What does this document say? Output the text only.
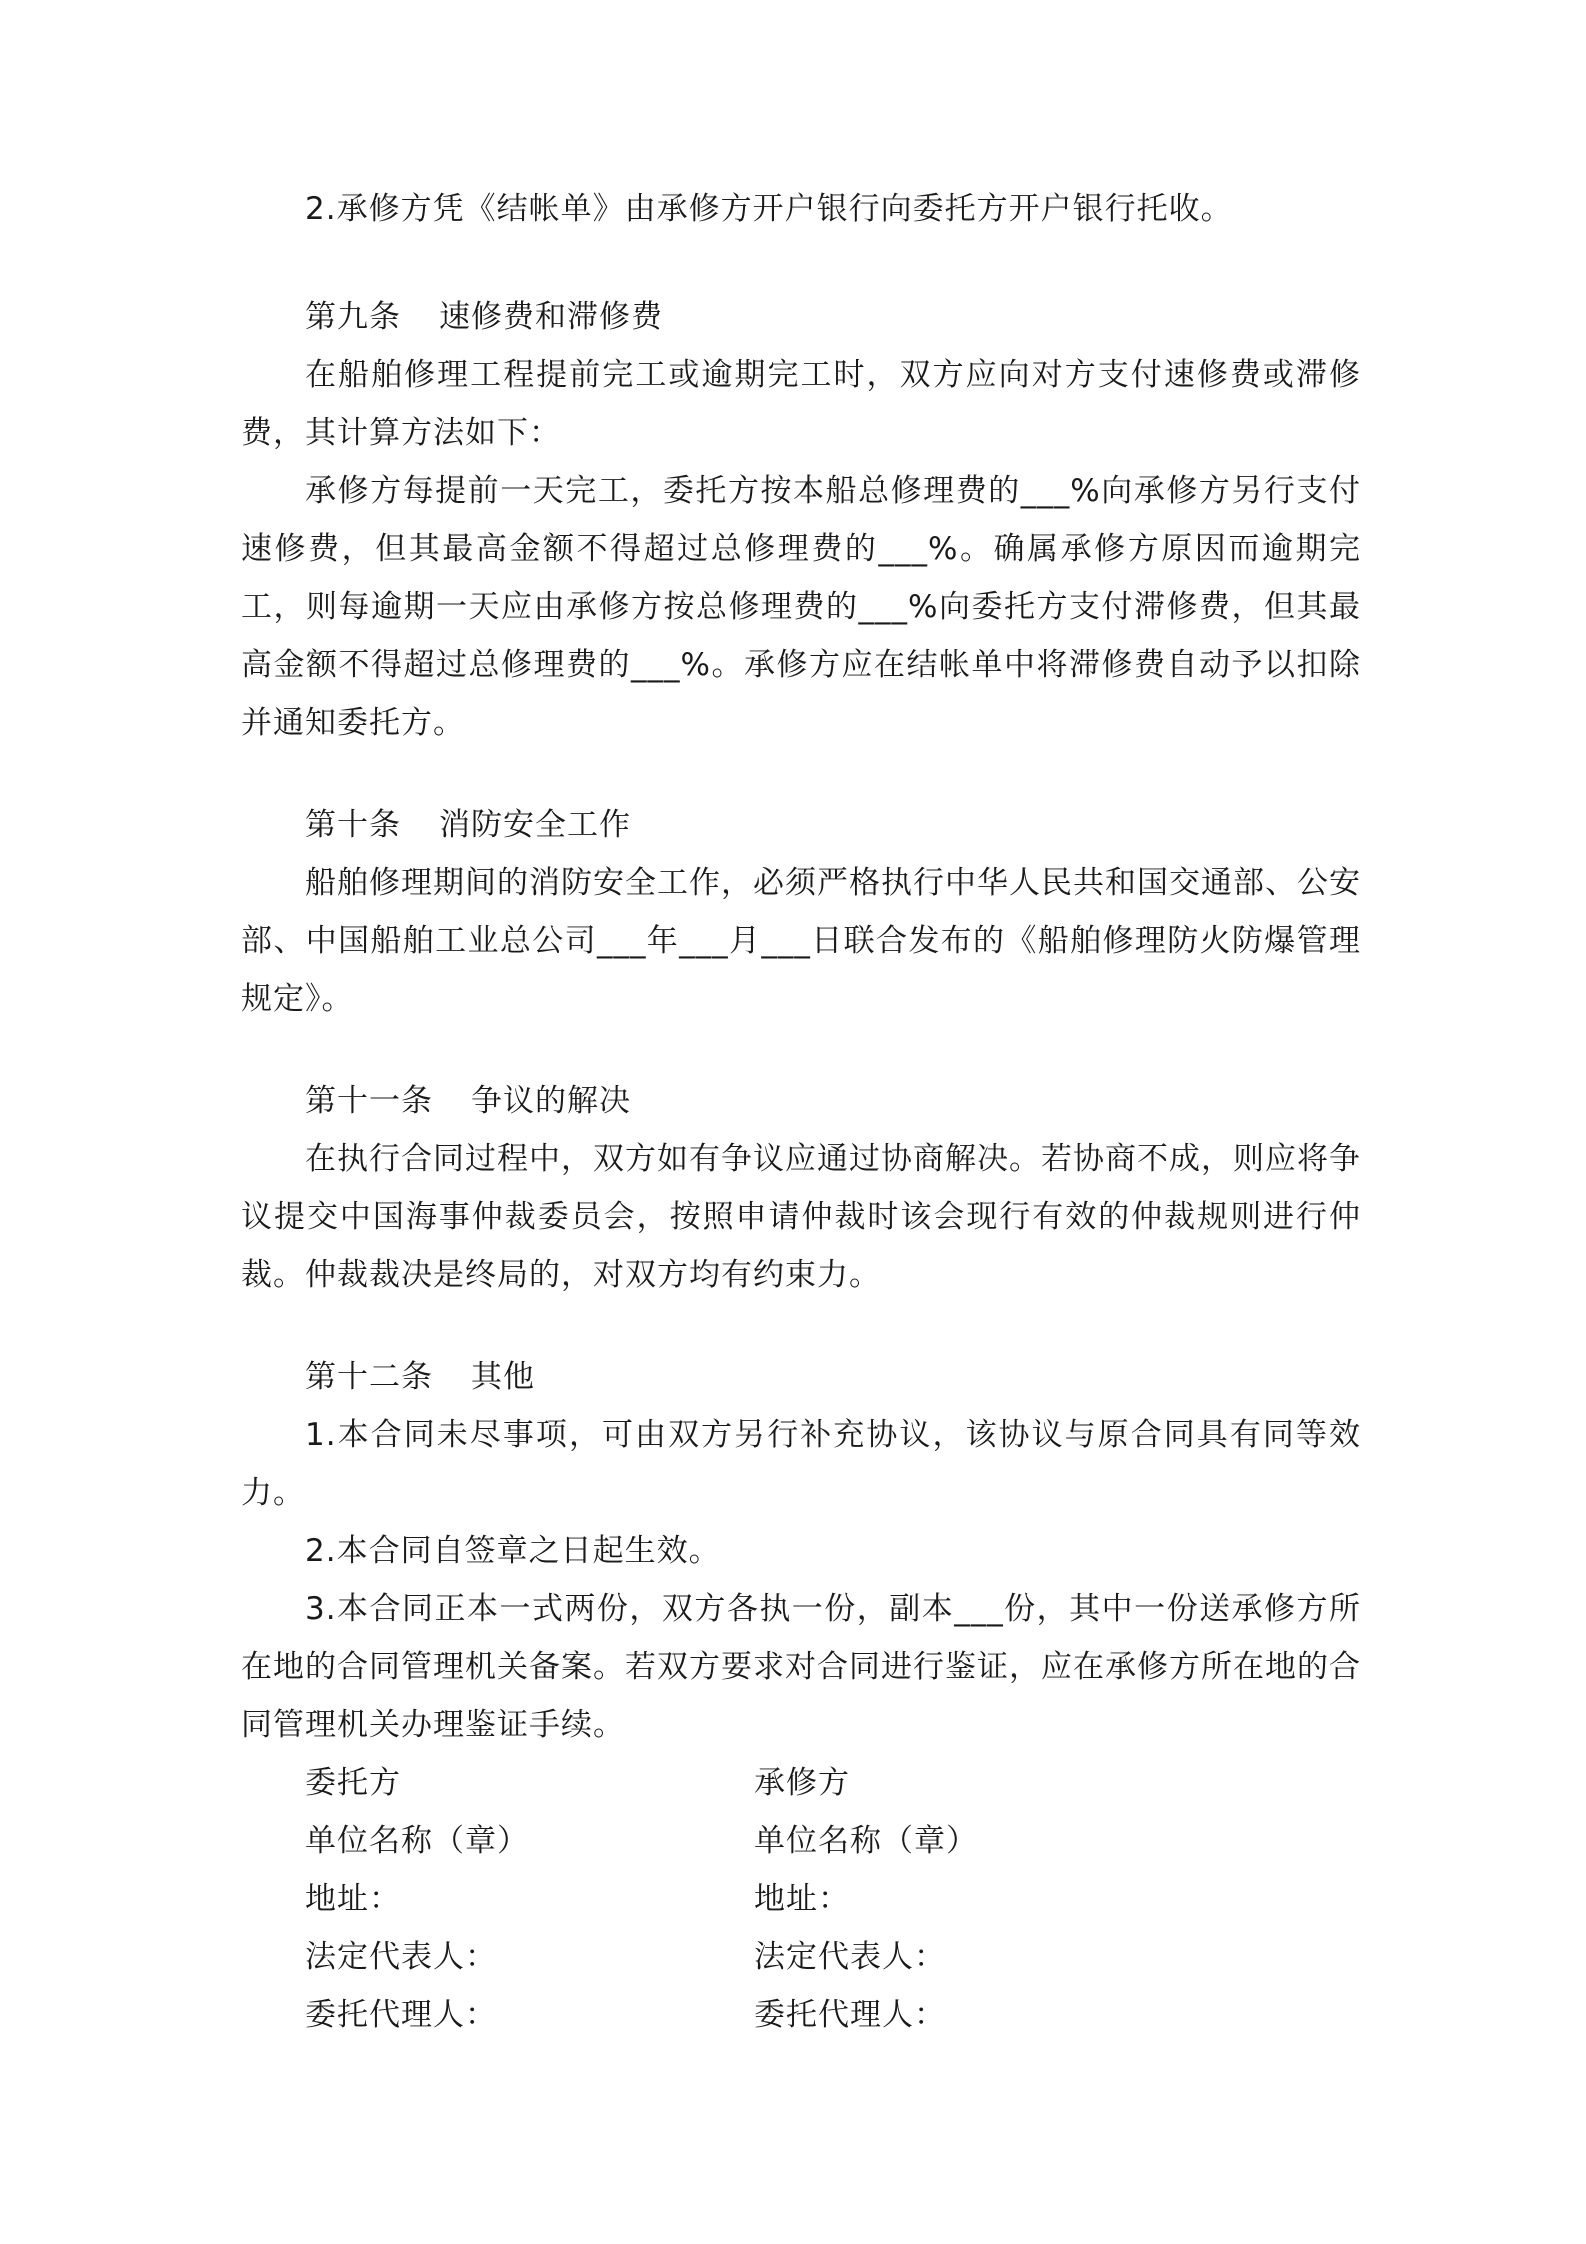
2.承修方凭《结帐单》由承修方开户银行向委托方开户银行托收。

第九条 速修费和滞修费

在船舶修理工程提前完工或逾期完工时，双方应向对方支付速修费或滞修费，其计算方法如下：

承修方每提前一天完工，委托方按本船总修理费的___%向承修方另行支付速修费，但其最高金额不得超过总修理费的___%。确属承修方原因而逾期完工，则每逾期一天应由承修方按总修理费的___%向委托方支付滞修费，但其最高金额不得超过总修理费的___%。承修方应在结帐单中将滞修费自动予以扣除并通知委托方。

第十条 消防安全工作

船舶修理期间的消防安全工作，必须严格执行中华人民共和国交通部、公安部、中国船舶工业总公司___年___月___日联合发布的《船舶修理防火防爆管理规定》。

第十一条 争议的解决

在执行合同过程中，双方如有争议应通过协商解决。若协商不成，则应将争议提交中国海事仲裁委员会，按照申请仲裁时该会现行有效的仲裁规则进行仲裁。仲裁裁决是终局的，对双方均有约束力。

第十二条 其他

1.本合同未尽事项，可由双方另行补充协议，该协议与原合同具有同等效力。

2.本合同自签章之日起生效。

3.本合同正本一式两份，双方各执一份，副本___份，其中一份送承修方所在地的合同管理机关备案。若双方要求对合同进行鉴证，应在承修方所在地的合同管理机关办理鉴证手续。

委托方	承修方
单位名称（章）	单位名称（章）
地址：	地址：
法定代表人：	法定代表人：
委托代理人：	委托代理人：
